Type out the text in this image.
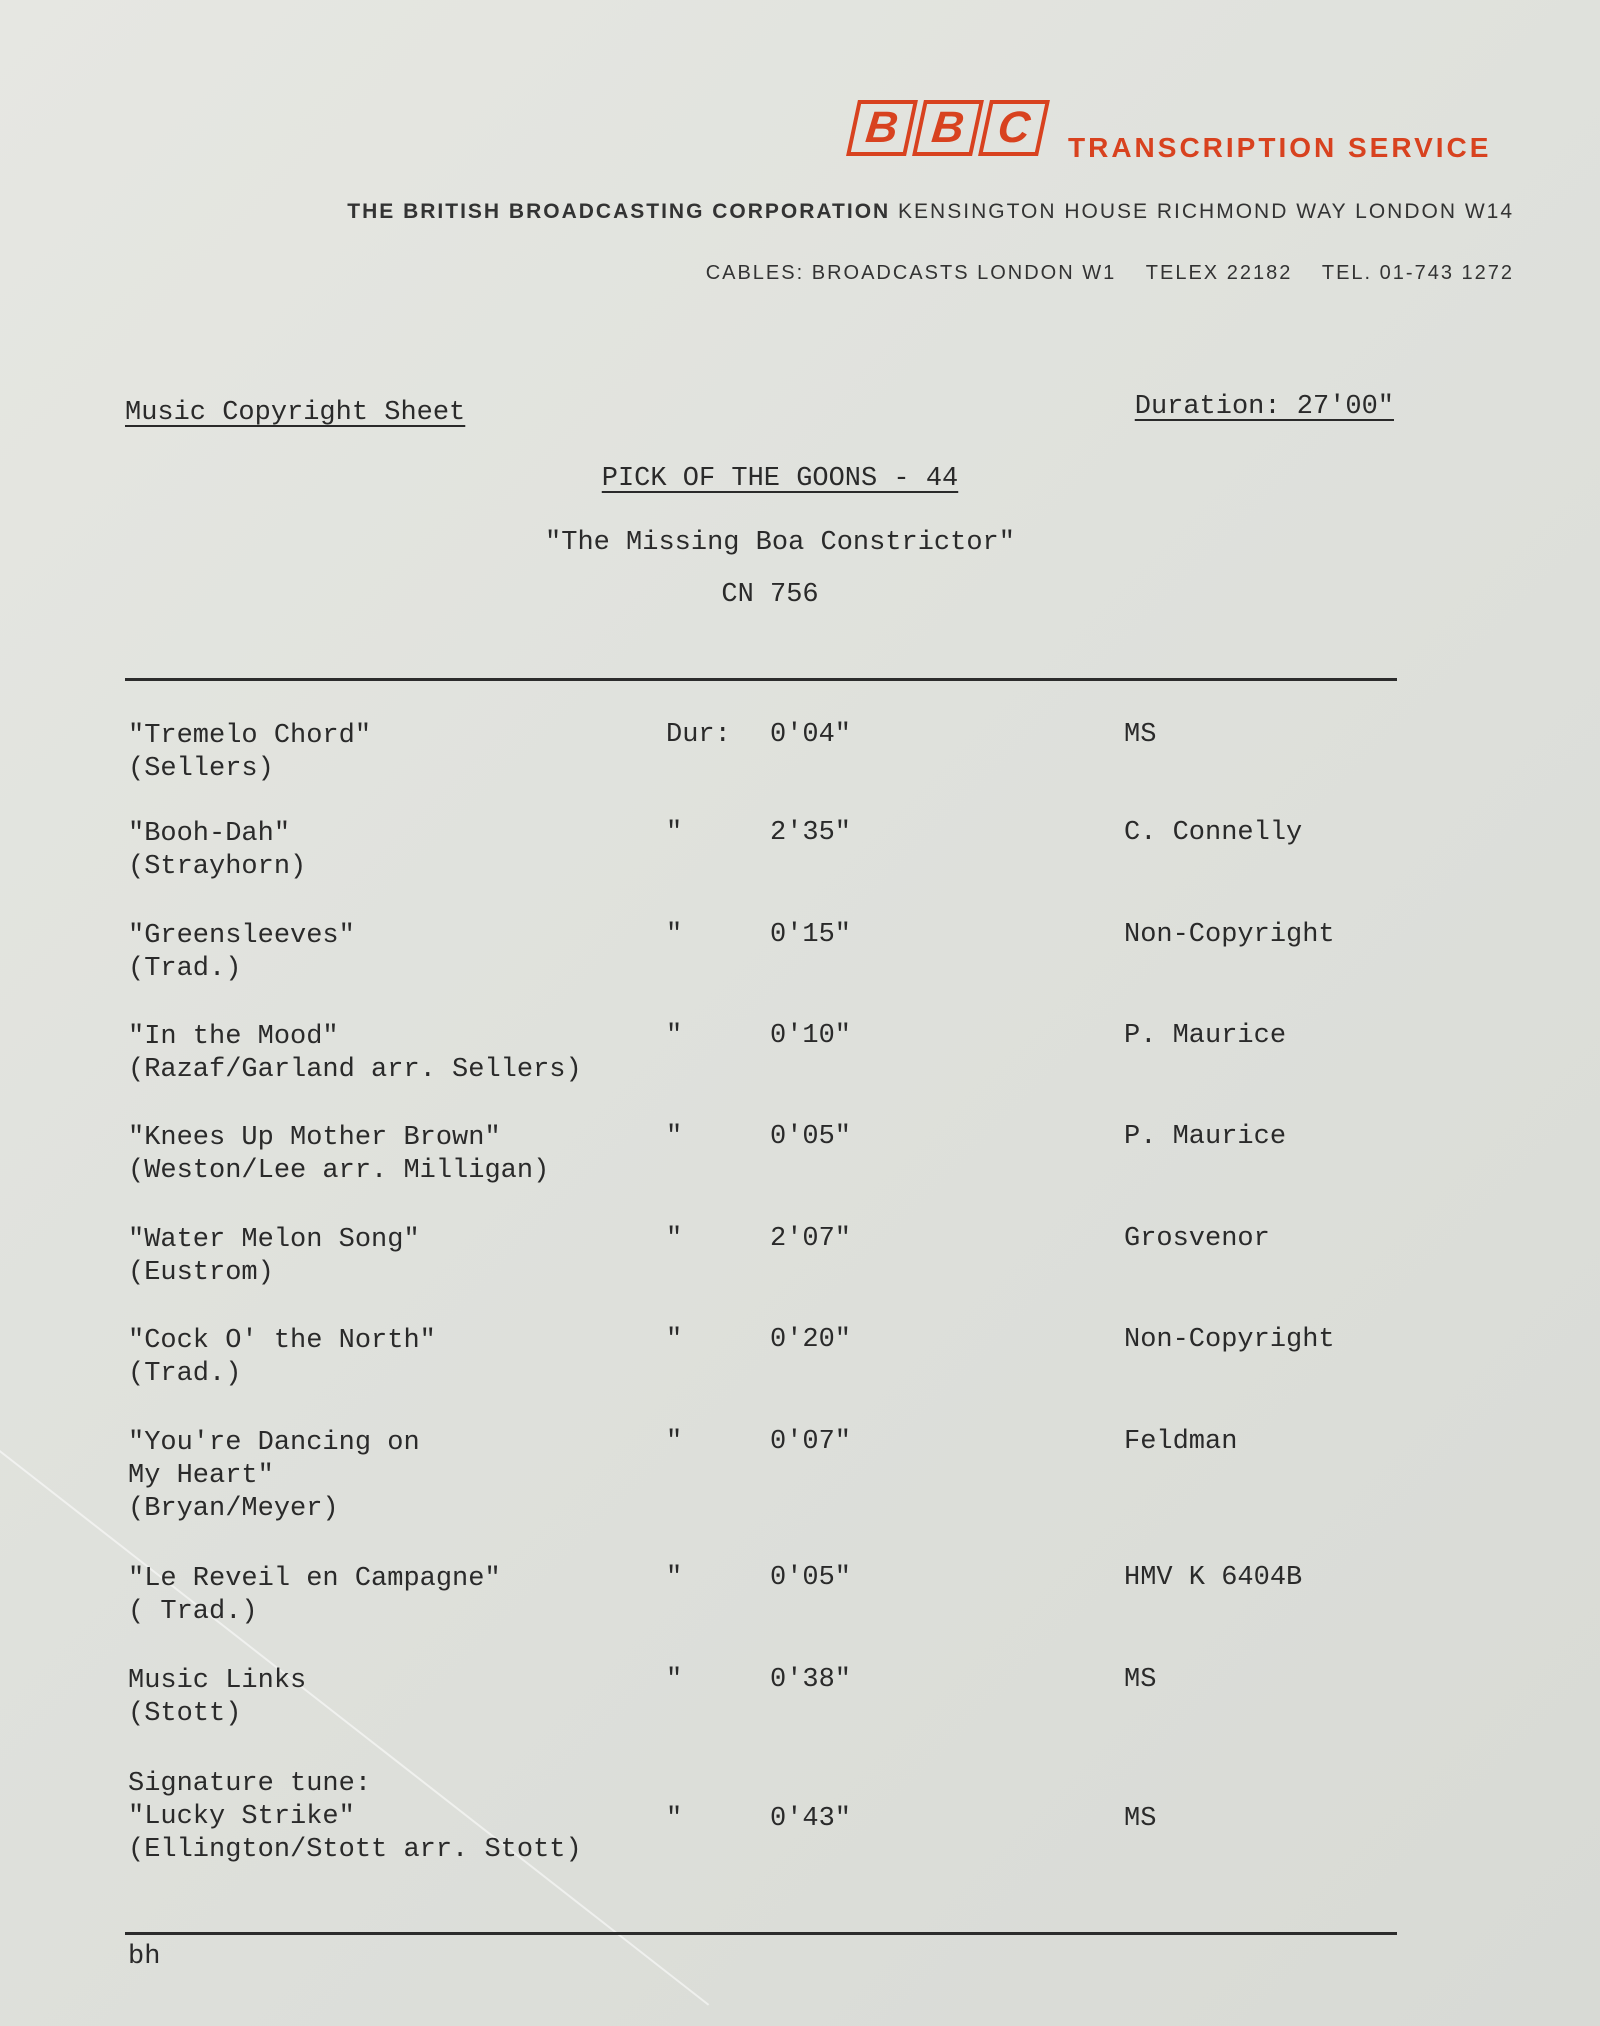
B B C TRANSCRIPTION SERVICE
THE BRITISH BROADCASTING CORPORATION KENSINGTON HOUSE RICHMOND WAY LONDON W14
CABLES: BROADCASTS LONDON W1 TELEX 22182 TEL. 01-743 1272
Music Copyright Sheet	Duration: 27'00"
PICK OF THE GOONS - 44
"The Missing Boa Constrictor"
CN 756
"Tremelo Chord"
(Sellers)
Dur: 0'04"	MS
"Booh-Dah"
(Strayhorn)
"	2'35"	C. Connelly
"Greensleeves"
(Trad.)
"	0'15"	Non-Copyright
"In the Mood"
(Razaf/Garland arr. Sellers)
"	0'10"	P. Maurice
"Knees Up Mother Brown"
(Weston/Lee arr. Milligan)
"	0'05"	P. Maurice
"Water Melon Song"
(Eustrom)
"	2'07"	Grosvenor
"Cock O' the North"
(Trad.)
"	0'20"	Non-Copyright
"You're Dancing on
My Heart"
(Bryan/Meyer)
"	0'07"	Feldman
"Le Reveil en Campagne"
( Trad.)
"	0'05"	HMV K 6404B
Music Links
(Stott)
"	0'38"	MS
Signature tune:
"Lucky Strike"
(Ellington/Stott arr. Stott)
"	0'43"	MS
bh
